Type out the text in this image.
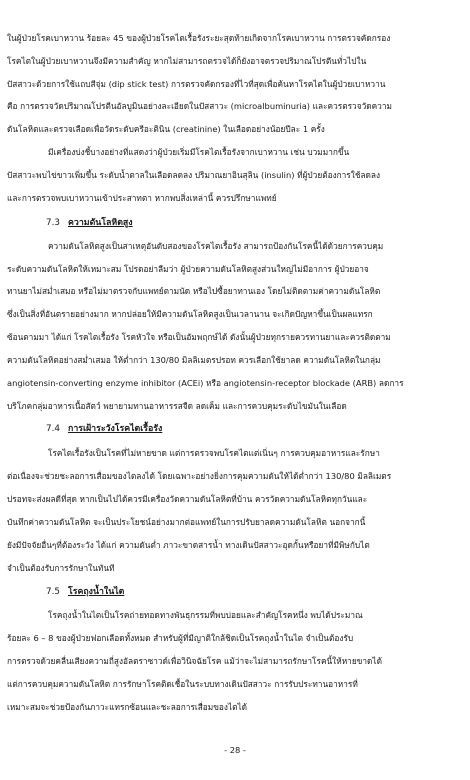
ในผู้ป่วยโรคเบาหวาน ร้อยละ 45 ของผู้ป่วยโรคไตเรื้อรังระยะสุดท้ายเกิดจากโรคเบาหวาน การตรวจคัดกรอง
โรคไตในผู้ป่วยเบาหวานจึงมีความสำคัญ หากไม่สามารถตรวจได้ก็ยังอาจตรวจปริมาณโปรตีนทั่วไปใน
ปัสสาวะด้วยการใช้แถบสีจุ่ม (dip stick test) การตรวจคัดกรองที่ไวที่สุดเพื่อค้นหาโรคไตในผู้ป่วยเบาหวาน
คือ การตรวจวัดปริมาณโปรตีนอัลบูมินอย่างละเอียดในปัสสาวะ (microalbuminuria) และควรตรวจวัดความ
ดันโลหิตและตรวจเลือดเพื่อวัดระดับครีอะตินิน (creatinine) ในเลือดอย่างน้อยปีละ 1 ครั้ง
มีเครื่องบ่งชี้บางอย่างที่แสดงว่าผู้ป่วยเริ่มมีโรคไตเรื้อรังจากเบาหวาน เช่น บวมมากขึ้น
ปัสสาวะพบไข่ขาวเพิ่มขึ้น ระดับน้ำตาลในเลือดลดลง ปริมาณยาอินสุลิน (insulin) ที่ผู้ป่วยต้องการใช้ลดลง
และการตรวจพบเบาหวานเข้าประสาทตา หากพบสิ่งเหล่านี้ ควรปรึกษาแพทย์
7.3 ความดันโลหิตสูง
ความดันโลหิตสูงเป็นสาเหตุอันดับสองของโรคไตเรื้อรัง สามารถป้องกันโรคนี้ได้ด้วยการควบคุม
ระดับความดันโลหิตให้เหมาะสม โปรดอย่าลืมว่า ผู้ป่วยความดันโลหิตสูงส่วนใหญ่ไม่มีอาการ ผู้ป่วยอาจ
ทานยาไม่สม่ำเสมอ หรือไม่มาตรวจกับแพทย์ตามนัด หรือไปซื้อยาทานเอง โดยไม่ติดตามค่าความดันโลหิต
ซึ่งเป็นสิ่งที่อันตรายอย่างมาก หากปล่อยให้มีความดันโลหิตสูงเป็นเวลานาน จะเกิดปัญหาขึ้นเป็นผลแทรก
ซ้อนตามมา ได้แก่ โรคไตเรื้อรัง โรคหัวใจ หรือเป็นอัมพฤกษ์ได้ ดังนั้นผู้ป่วยทุกรายควรทานยาและควรติดตาม
ความดันโลหิตอย่างสม่ำเสมอ ให้ต่ำกว่า 130/80 มิลลิเมตรปรอท ควรเลือกใช้ยาลด ความดันโลหิตในกลุ่ม
angiotensin-converting enzyme inhibitor (ACEi) หรือ angiotensin-receptor blockade (ARB) ลดการ
บริโภคกลุ่มอาหารเนื้อสัตว์ พยายามทานอาหารรสจืด ลดเค็ม และการควบคุมระดับไขมันในเลือด
7.4 การเฝ้าระวังโรคไตเรื้อรัง
โรคไตเรื้อรังเป็นโรคที่ไม่หายขาด แต่การตรวจพบโรคไตแต่เนิ่นๆ การควบคุมอาหารและรักษา
ต่อเนื่องจะช่วยชะลอการเสื่อมของไตลงได้ โดยเฉพาะอย่างยิ่งการคุมความดันให้ได้ต่ำกว่า 130/80 มิลลิเมตร
ปรอทจะส่งผลดีที่สุด หากเป็นไปได้ควรมีเครื่องวัดความดันโลหิตที่บ้าน ควรวัดความดันโลหิตทุกวันและ
บันทึกค่าความดันโลหิต จะเป็นประโยชน์อย่างมากต่อแพทย์ในการปรับยาลดความดันโลหิต นอกจากนี้
ยังมีปัจจัยอื่นๆที่ต้องระวัง ได้แก่ ความดันต่ำ ภาวะขาดสารน้ำ ทางเดินปัสสาวะอุดกั้นหรือยาที่มีพิษกับไต
จำเป็นต้องรับการรักษาในทันที
7.5 โรคถุงน้ำในไต
โรคถุงน้ำในไตเป็นโรคถ่ายทอดทางพันธุกรรมที่พบบ่อยและสำคัญโรคหนึ่ง พบได้ประมาณ
ร้อยละ 6 – 8 ของผู้ป่วยฟอกเลือดทั้งหมด สำหรับผู้ที่มีญาติใกล้ชิดเป็นโรคถุงน้ำในไต จำเป็นต้องรับ
การตรวจด้วยคลื่นเสียงความถี่สูงอัลตราซาวด์เพื่อวินิจฉัยโรค แม้ว่าจะไม่สามารถรักษาโรคนี้ให้หายขาดได้
แต่การควบคุมความดันโลหิต การรักษาโรคติดเชื้อในระบบทางเดินปัสสาวะ การรับประทานอาหารที่
เหมาะสมจะช่วยป้องกันภาวะแทรกซ้อนและชะลอการเสื่อมของไตได้
- 28 -
